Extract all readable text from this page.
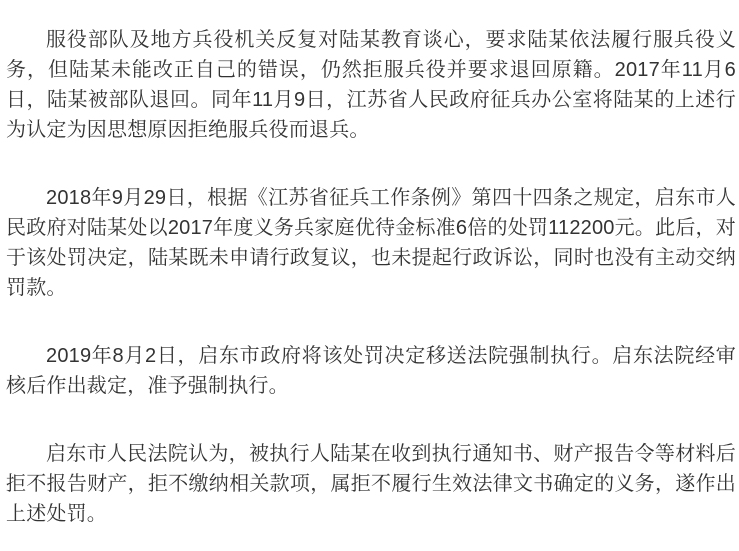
服役部队及地方兵役机关反复对陆某教育谈心，要求陆某依法履行服兵役义务，但陆某未能改正自己的错误，仍然拒服兵役并要求退回原籍。2017年11月6日，陆某被部队退回。同年11月9日，江苏省人民政府征兵办公室将陆某的上述行为认定为因思想原因拒绝服兵役而退兵。

2018年9月29日，根据《江苏省征兵工作条例》第四十四条之规定，启东市人民政府对陆某处以2017年度义务兵家庭优待金标准6倍的处罚112200元。此后，对于该处罚决定，陆某既未申请行政复议，也未提起行政诉讼，同时也没有主动交纳罚款。

2019年8月2日，启东市政府将该处罚决定移送法院强制执行。启东法院经审核后作出裁定，准予强制执行。

启东市人民法院认为，被执行人陆某在收到执行通知书、财产报告令等材料后拒不报告财产，拒不缴纳相关款项，属拒不履行生效法律文书确定的义务，遂作出上述处罚。
